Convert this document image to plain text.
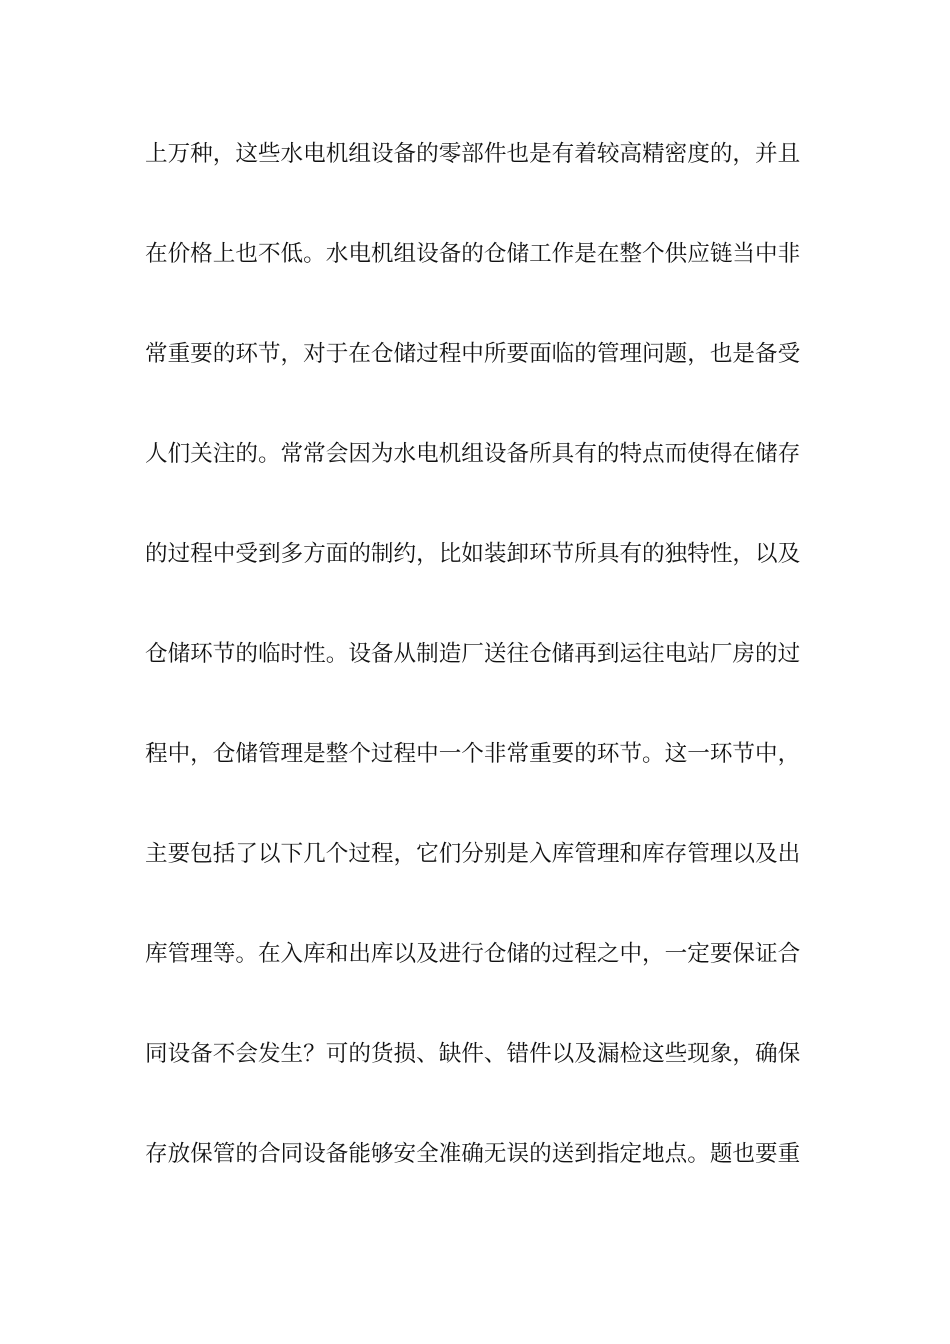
上万种，这些水电机组设备的零部件也是有着较高精密度的，并且
在价格上也不低。水电机组设备的仓储工作是在整个供应链当中非
常重要的环节，对于在仓储过程中所要面临的管理问题，也是备受
人们关注的。常常会因为水电机组设备所具有的特点而使得在储存
的过程中受到多方面的制约，比如装卸环节所具有的独特性，以及
仓储环节的临时性。设备从制造厂送往仓储再到运往电站厂房的过
程中，仓储管理是整个过程中一个非常重要的环节。这一环节中，
主要包括了以下几个过程，它们分别是入库管理和库存管理以及出
库管理等。在入库和出库以及进行仓储的过程之中，一定要保证合
同设备不会发生？可的货损、缺件、错件以及漏检这些现象，确保
存放保管的合同设备能够安全准确无误的送到指定地点。题也要重
